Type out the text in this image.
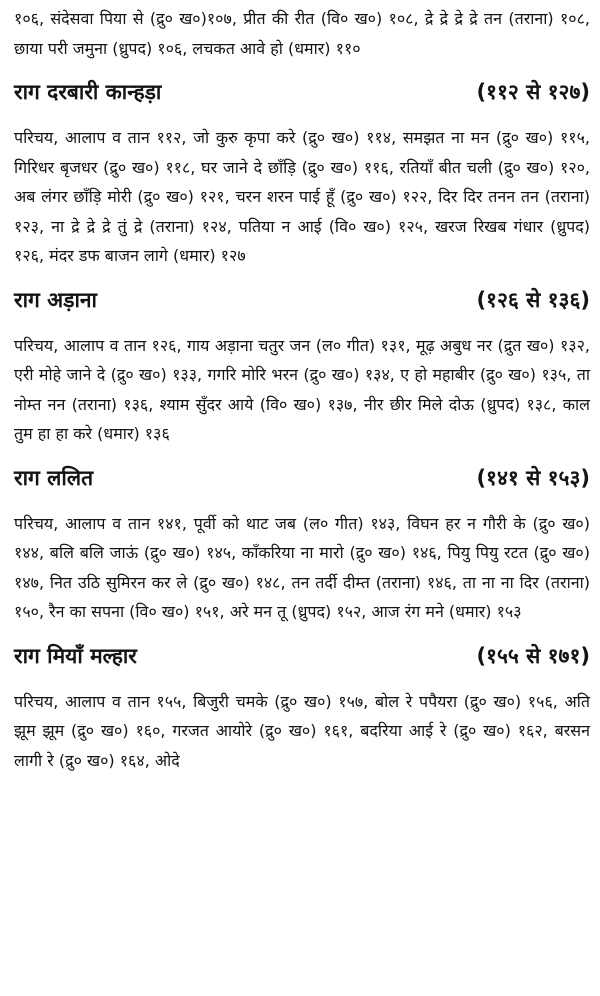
१०६, संदेसवा पिया से (द्रु० ख०)१०७, प्रीत की रीत (वि० ख०) १०८, द्रे द्रे द्रे द्रे तन (तराना) १०८, छाया परी जमुना (ध्रुपद) १०६, लचकत आवे हो (धमार) ११०

राग दरबारी कान्हड़ा	(११२ से १२७)

परिचय, आलाप व तान ११२, जो कुरु कृपा करे (द्रु० ख०) ११४, समझत ना मन (द्रु० ख०) ११५, गिरिधर बृजधर (द्रु० ख०) ११८, घर जाने दे छाँड़ि (द्रु० ख०) ११६, रतियाँ बीत चली (द्रु० ख०) १२०, अब लंगर छाँड़ि मोरी (द्रु० ख०) १२१, चरन शरन पाई हूँ (द्रु० ख०) १२२, दिर दिर तनन तन (तराना) १२३, ना द्रे द्रे द्रे तुं द्रे (तराना) १२४, पतिया न आई (वि० ख०) १२५, खरज रिखब गंधार (ध्रुपद) १२६, मंदर डफ बाजन लागे (धमार) १२७

राग अड़ाना	(१२६ से १३६)

परिचय, आलाप व तान १२६, गाय अड़ाना चतुर जन (ल० गीत) १३१, मूढ़ अबुध नर (द्रुत ख०) १३२, एरी मोहे जाने दे (द्रु० ख०) १३३, गगरि मोरि भरन (द्रु० ख०) १३४, ए हो महाबीर (द्रु० ख०) १३५, ता नोम्त नन (तराना) १३६, श्याम सुँदर आये (वि० ख०) १३७, नीर छीर मिले दोऊ (ध्रुपद) १३८, काल तुम हा हा करे (धमार) १३६

राग ललित	(१४१ से १५३)

परिचय, आलाप व तान १४१, पूर्वी को थाट जब (ल० गीत) १४३, विघन हर न गौरी के (द्रु० ख०) १४४, बलि बलि जाऊं (द्रु० ख०) १४५, काँकरिया ना मारो (द्रु० ख०) १४६, पियु पियु रटत (द्रु० ख०) १४७, नित उठि सुमिरन कर ले (द्रु० ख०) १४८, तन तर्दी दीम्त (तराना) १४६, ता ना ना दिर (तराना) १५०, रैन का सपना (वि० ख०) १५१, अरे मन तू (ध्रुपद) १५२, आज रंग मने (धमार) १५३

राग मियाँ मल्हार	(१५५ से १७१)

परिचय, आलाप व तान १५५, बिजुरी चमके (द्रु० ख०) १५७, बोल रे पपैयरा (द्रु० ख०) १५६, अति झूम झूम (द्रु० ख०) १६०, गरजत आयोरे (द्रु० ख०) १६१, बदरिया आई रे (द्रु० ख०) १६२, बरसन लागी रे (द्रु० ख०) १६४, ओदे
